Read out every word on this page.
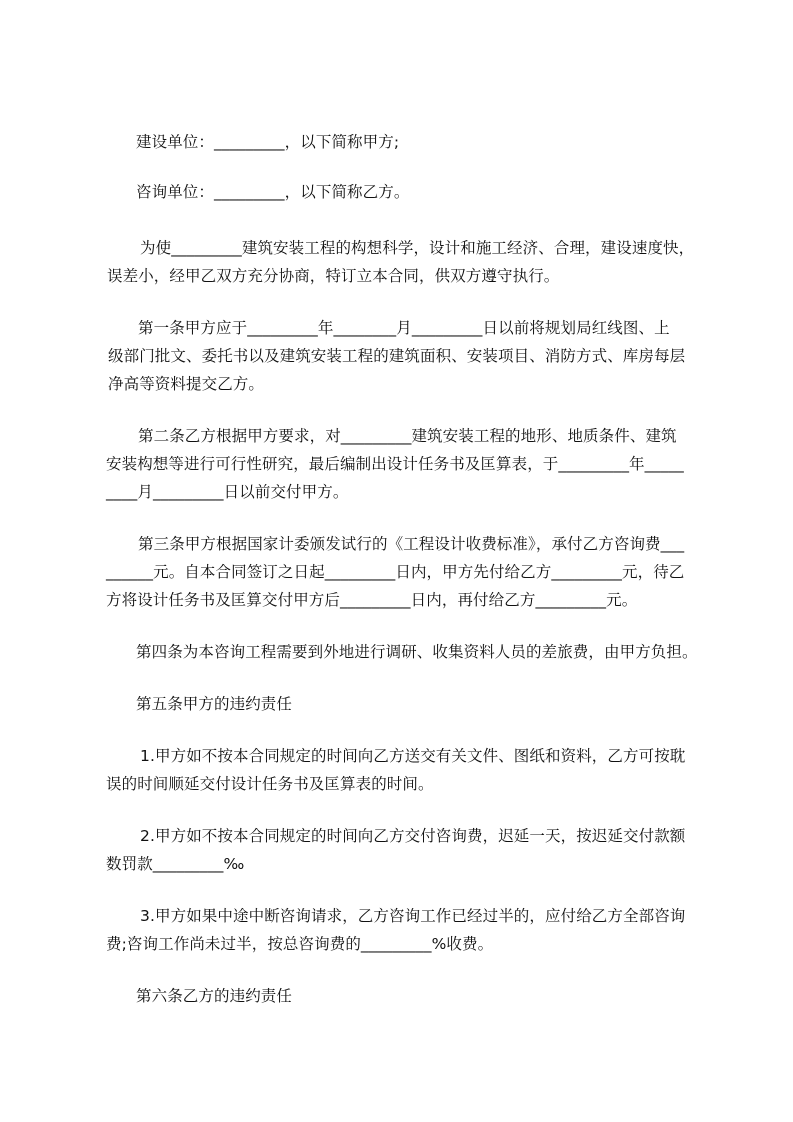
建设单位：_________，以下简称甲方;
咨询单位：_________，以下简称乙方。
为使_________建筑安装工程的构想科学，设计和施工经济、合理，建设速度快，
误差小，经甲乙双方充分协商，特订立本合同，供双方遵守执行。
第一条甲方应于_________年________月_________日以前将规划局红线图、上
级部门批文、委托书以及建筑安装工程的建筑面积、安装项目、消防方式、库房每层
净高等资料提交乙方。
第二条乙方根据甲方要求，对_________建筑安装工程的地形、地质条件、建筑
安装构想等进行可行性研究，最后编制出设计任务书及匡算表，于_________年_____
____月_________日以前交付甲方。
第三条甲方根据国家计委颁发试行的《工程设计收费标准》，承付乙方咨询费___
______元。自本合同签订之日起_________日内，甲方先付给乙方_________元，待乙
方将设计任务书及匡算交付甲方后_________日内，再付给乙方_________元。
第四条为本咨询工程需要到外地进行调研、收集资料人员的差旅费，由甲方负担。
第五条甲方的违约责任
1.甲方如不按本合同规定的时间向乙方送交有关文件、图纸和资料，乙方可按耽
误的时间顺延交付设计任务书及匡算表的时间。
2.甲方如不按本合同规定的时间向乙方交付咨询费，迟延一天，按迟延交付款额
数罚款_________‰
3.甲方如果中途中断咨询请求，乙方咨询工作已经过半的，应付给乙方全部咨询
费;咨询工作尚未过半，按总咨询费的_________%收费。
第六条乙方的违约责任
